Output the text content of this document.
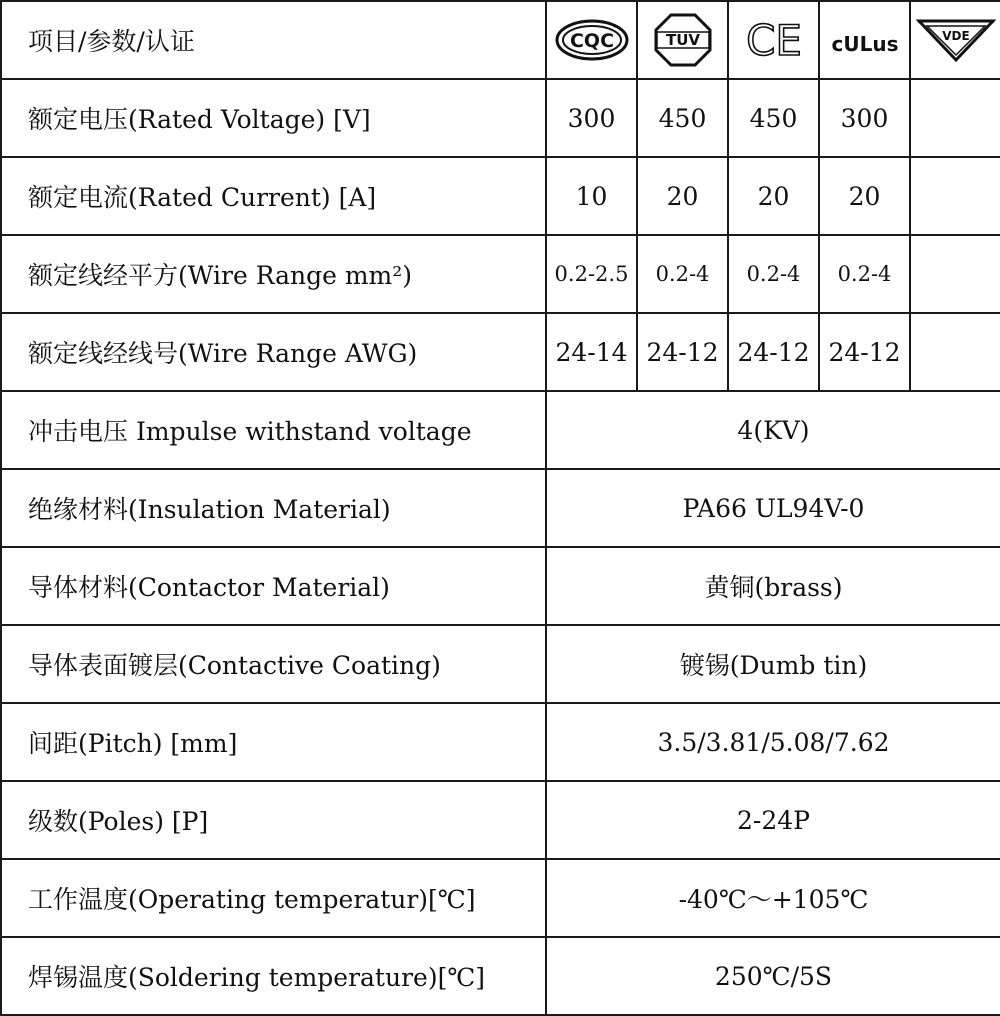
项目/参数/认证	CQC	TUV	CE	cULus	VDE

额定电压(Rated Voltage) [V]	300	450	450	300	
额定电流(Rated Current) [A]	10	20	20	20	
额定线经平方(Wire Range mm²)	0.2-2.5	0.2-4	0.2-4	0.2-4	
额定线经线号(Wire Range AWG)	24-14	24-12	24-12	24-12	
冲击电压 Impulse withstand voltage	4(KV)				
绝缘材料(Insulation Material)	PA66 UL94V-0				
导体材料(Contactor Material)	黄铜(brass)				
导体表面镀层(Contactive Coating)	镀锡(Dumb tin)				
间距(Pitch) [mm]	3.5/3.81/5.08/7.62				
级数(Poles) [P]	2-24P				
工作温度(Operating temperatur)[℃]	-40℃～+105℃				
焊锡温度(Soldering temperature)[℃]	250℃/5S				
